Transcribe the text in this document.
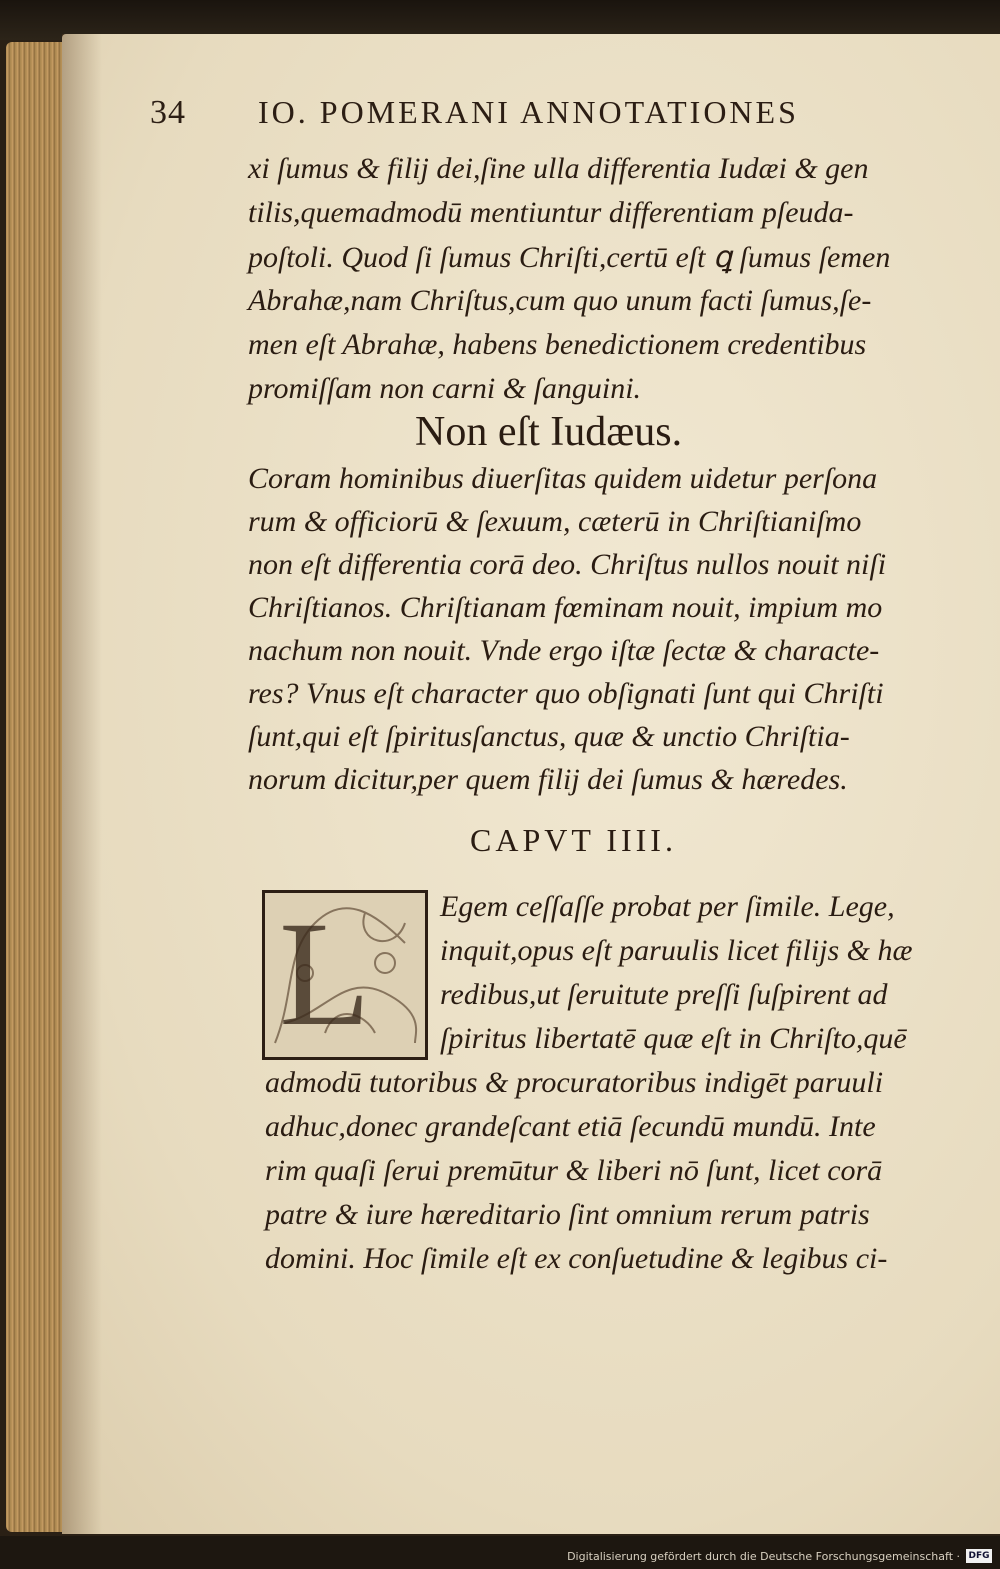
34 IO. POMERANI ANNOTATIONES
xi ſumus & filij dei,ſine ulla differentia Iudæi & gen
tilis,quemadmodū mentiuntur differentiam pſeuda-
poſtoli. Quod ſi ſumus Chriſti,certū eſt ꝗ ſumus ſemen
Abrahæ,nam Chriſtus,cum quo unum facti ſumus,ſe-
men eſt Abrahæ, habens benedictionem credentibus
promiſſam non carni & ſanguini.
Non eſt Iudæus.
Coram hominibus diuerſitas quidem uidetur perſona
rum & officiorū & ſexuum, cæterū in Chriſtianiſmo
non eſt differentia corā deo. Chriſtus nullos nouit niſi
Chriſtianos. Chriſtianam fœminam nouit, impium mo
nachum non nouit. Vnde ergo iſtæ ſectæ & characte-
res? Vnus eſt character quo obſignati ſunt qui Chriſti
ſunt,qui eſt ſpiritusſanctus, quæ & unctio Chriſtia-
norum dicitur,per quem filij dei ſumus & hæredes.
CAPVT IIII.
L Egem ceſſaſſe probat per ſimile. Lege,
inquit,opus eſt paruulis licet filijs & hæ
redibus,ut ſeruitute preſſi ſuſpirent ad
ſpiritus libertatē quæ eſt in Chriſto,quē
admodū tutoribus & procuratoribus indigēt paruuli
adhuc,donec grandeſcant etiā ſecundū mundū. Inte
rim quaſi ſerui premūtur & liberi nō ſunt, licet corā
patre & iure hæreditario ſint omnium rerum patris
domini. Hoc ſimile eſt ex conſuetudine & legibus ci-
Digitalisierung gefördert durch die Deutsche Forschungsgemeinschaft · DFG
